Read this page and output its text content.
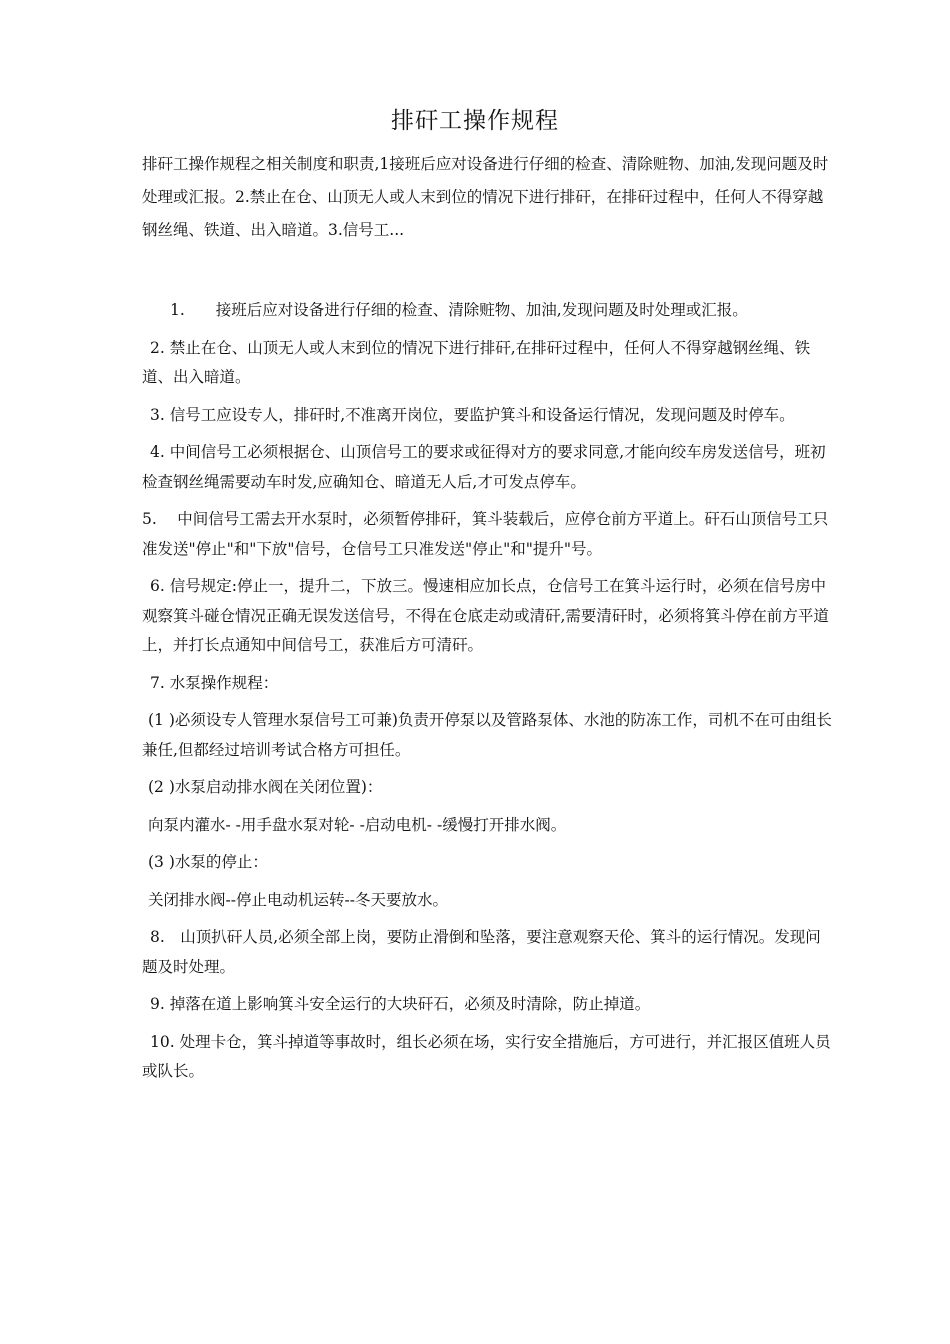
排矸工操作规程

排矸工操作规程之相关制度和职责,1接班后应对设备进行仔细的检查、清除赃物、加油,发现问题及时处理或汇报。2.禁止在仓、山顶无人或人末到位的情况下进行排矸，在排矸过程中，任何人不得穿越钢丝绳、铁道、出入暗道。3.信号工...

1.　　接班后应对设备进行仔细的检查、清除赃物、加油,发现问题及时处理或汇报。

2. 禁止在仓、山顶无人或人末到位的情况下进行排矸,在排矸过程中，任何人不得穿越钢丝绳、铁道、出入暗道。

3. 信号工应设专人，排矸时,不准离开岗位，要监护箕斗和设备运行情况，发现问题及时停车。

4. 中间信号工必须根据仓、山顶信号工的要求或征得对方的要求同意,才能向绞车房发送信号，班初检查钢丝绳需要动车时发,应确知仓、暗道无人后,才可发点停车。

5.　 中间信号工需去开水泵时，必须暂停排矸，箕斗装载后，应停仓前方平道上。矸石山顶信号工只准发送"停止"和"下放"信号，仓信号工只准发送"停止"和"提升"号。

6. 信号规定:停止一，提升二，下放三。慢速相应加长点，仓信号工在箕斗运行时，必须在信号房中观察箕斗碰仓情况正确无误发送信号，不得在仓底走动或清矸,需要清矸时，必须将箕斗停在前方平道上，并打长点通知中间信号工，获准后方可清矸。

7. 水泵操作规程：

(1 )必须设专人管理水泵信号工可兼)负责开停泵以及管路泵体、水池的防冻工作，司机不在可由组长兼任,但都经过培训考试合格方可担任。

(2 )水泵启动排水阀在关闭位置)：

向泵内灌水- -用手盘水泵对轮- -启动电机- -缓慢打开排水阀。

(3 )水泵的停止：

关闭排水阀--停止电动机运转--冬天要放水。

8.　山顶扒矸人员,必须全部上岗，要防止滑倒和坠落，要注意观察天伦、箕斗的运行情况。发现问题及时处理。

9. 掉落在道上影响箕斗安全运行的大块矸石，必须及时清除，防止掉道。

10. 处理卡仓，箕斗掉道等事故时，组长必须在场，实行安全措施后，方可进行，并汇报区值班人员或队长。
